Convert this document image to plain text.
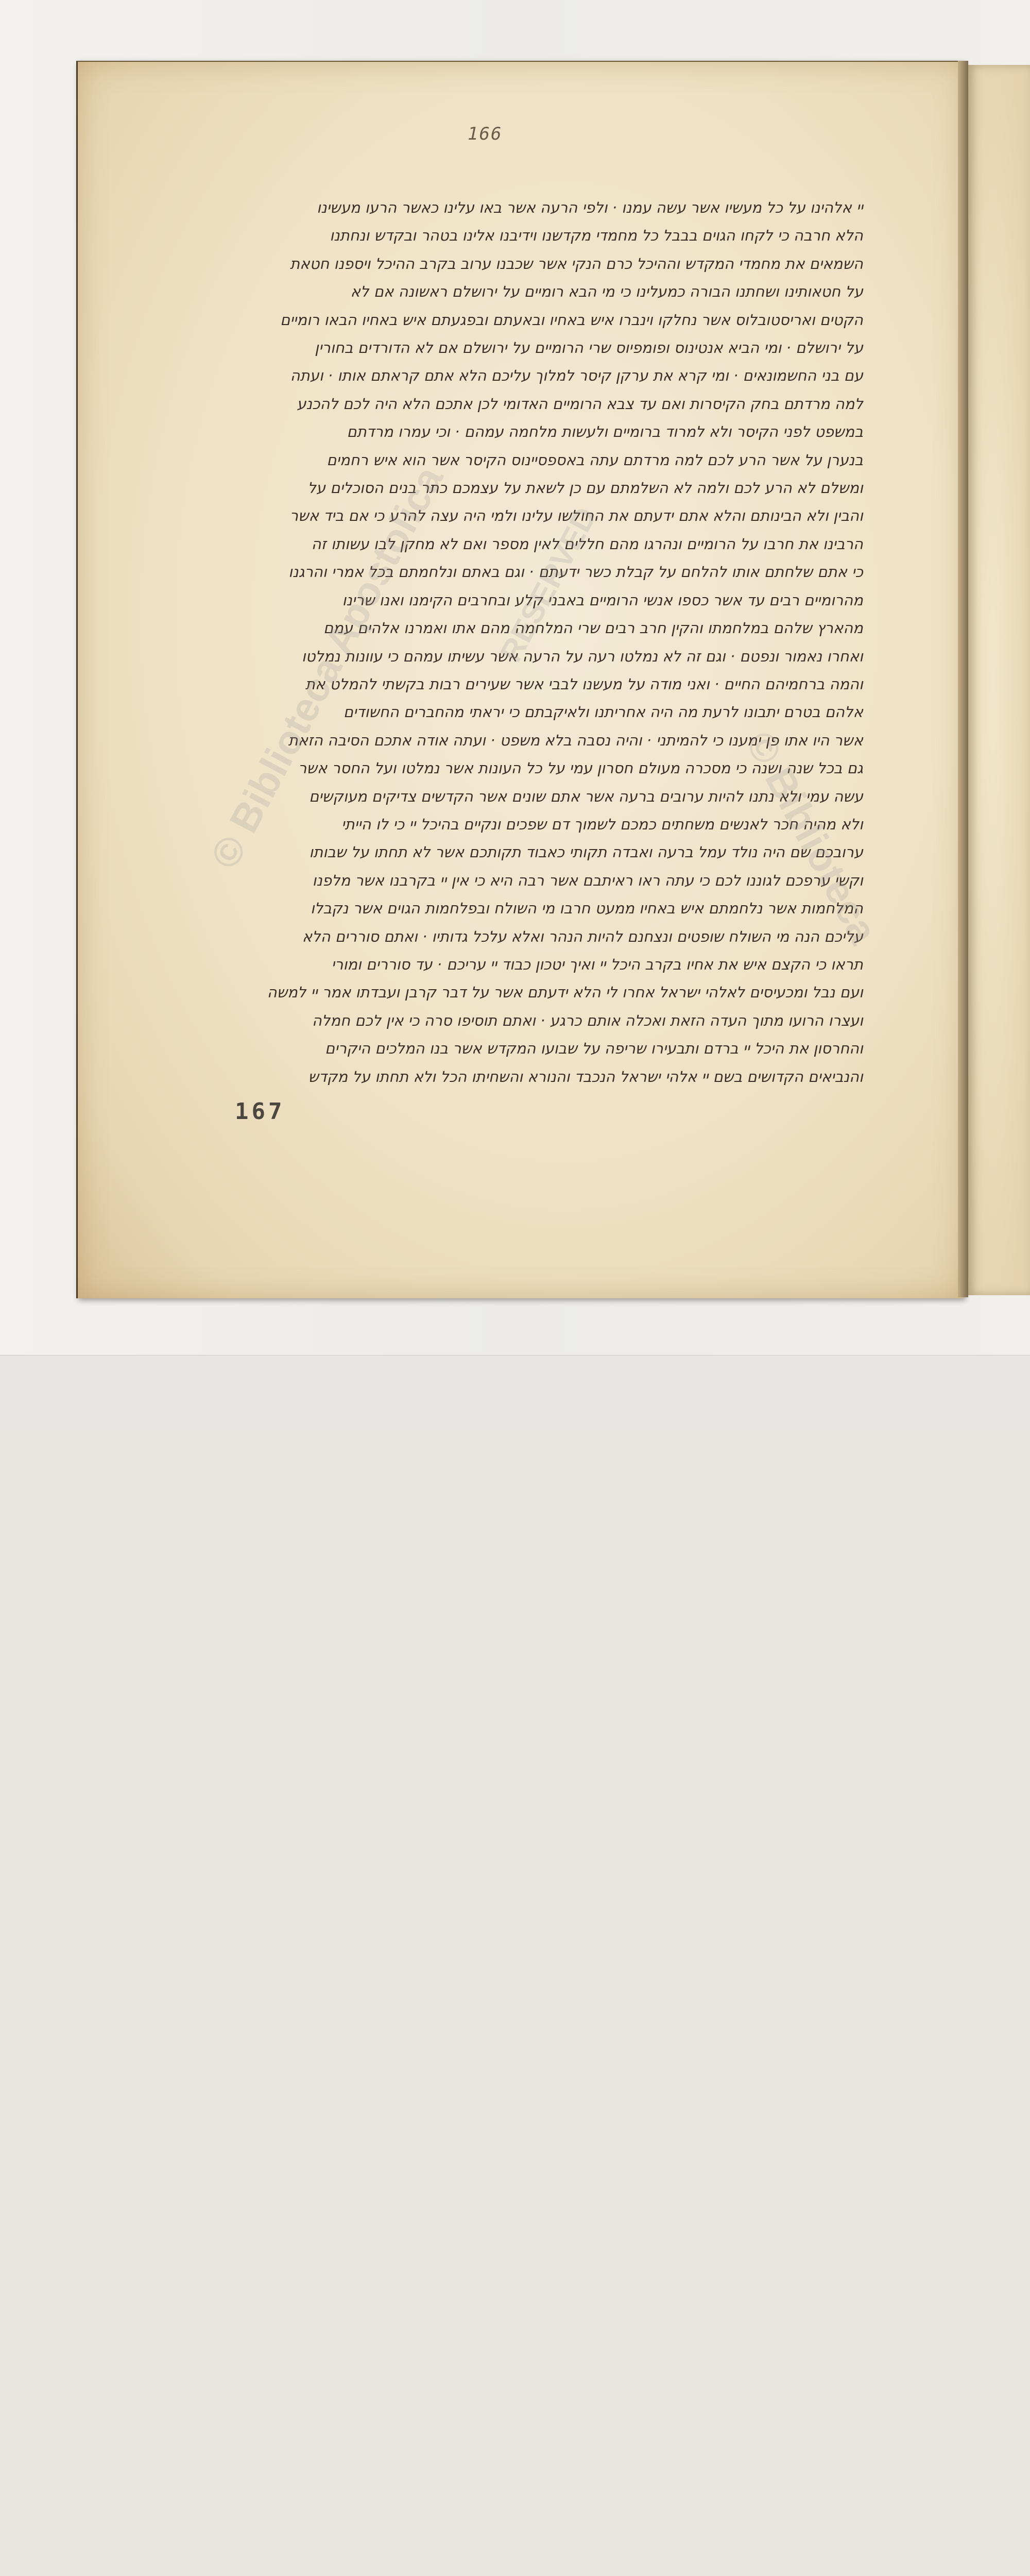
166
יי אלהינו על כל מעשיו אשר עשה עמנו · ולפי הרעה אשר באו עלינו כאשר הרעו מעשינו
הלא חרבה כי לקחו הגוים בבבל כל מחמדי מקדשנו וידיבנו אלינו בטהר ובקדש ונחתנו
השמאים את מחמדי המקדש וההיכל כרם הנקי אשר שכבנו ערוב בקרב ההיכל ויספנו חטאת
על חטאותינו ושחתנו הבורה כמעלינו כי מי הבא רומיים על ירושלם ראשונה אם לא
הקטים ואריסטובלוס אשר נחלקו וינברו איש באחיו ובאעתם ובפגעתם איש באחיו הבאו רומיים
על ירושלם · ומי הביא אנטינוס ופומפיוס שרי הרומיים על ירושלם אם לא הדורדים בחורין
עם בני החשמונאים · ומי קרא את ערקן קיסר למלוך עליכם הלא אתם קראתם אותו · ועתה
למה מרדתם בחק הקיסרות ואם עד צבא הרומיים האדומי לכן אתכם הלא היה לכם להכנע
במשפט לפני הקיסר ולא למרוד ברומיים ולעשות מלחמה עמהם · וכי עמרו מרדתם
בנערן על אשר הרע לכם למה מרדתם עתה באספסיינוס הקיסר אשר הוא איש רחמים
ומשלם לא הרע לכם ולמה לא השלמתם עם כן לשאת על עצמכם כתר בנים הסוכלים על
והבין ולא הבינותם והלא אתם ידעתם את החולשו עלינו ולמי היה עצה להרע כי אם ביד אשר
הרבינו את חרבו על הרומיים ונהרגו מהם חללים לאין מספר ואם לא מחקן לבו עשותו זה
כי אתם שלחתם אותו להלחם על קבלת כשר ידעתם · וגם באתם ונלחמתם בכל אמרי והרגנו
מהרומיים רבים עד אשר כספו אנשי הרומיים באבני קלע ובחרבים הקימנו ואנו שרינו
מהארץ שלהם במלחמתו והקין חרב רבים שרי המלחמה מהם אתו ואמרנו אלהים עמם
ואחרו נאמור ונפטם · וגם זה לא נמלטו רעה על הרעה אשר עשיתו עמהם כי עוונות נמלטו
והמה ברחמיהם החיים · ואני מודה על מעשנו לבבי אשר שעירים רבות בקשתי להמלט את
אלהם בטרם יתבונו לרעת מה היה אחריתנו ולאיקבתם כי יראתי מהחברים החשודים
אשר היו אתו פן ימענו כי להמיתני · והיה נסבה בלא משפט · ועתה אודה אתכם הסיבה הזאת
גם בכל שנה ושנה כי מסכרה מעולם חסרון עמי על כל העונות אשר נמלטו ועל החסר אשר
עשה עמי ולא נתנו להיות ערובים ברעה אשר אתם שונים אשר הקדשים צדיקים מעוקשים
ולא מהיה חכר לאנשים משחתים כמכם לשמוך דם שפכים ונקיים בהיכל יי כי לו הייתי
ערובכם שם היה נולד עמל ברעה ואבדה תקותי כאבוד תקותכם אשר לא תחתו על שבותו
וקשי ערפכם לגוננו לכם כי עתה ראו ראיתבם אשר רבה היא כי אין יי בקרבנו אשר מלפנו
המלחמות אשר נלחמתם איש באחיו ממעט חרבו מי השולח ובפלחמות הגוים אשר נקבלו
עליכם הנה מי השולח שופטים ונצחנם להיות הנהר ואלא עלכל גדותיו · ואתם סוררים הלא
תראו כי הקצם איש את אחיו בקרב היכל יי ואיך יטכון כבוד יי עריכם · עד סוררים ומורי
ועם נבל ומכעיסים לאלהי ישראל אחרו לי הלא ידעתם אשר על דבר קרבן ועבדתו אמר יי למשה
ועצרו הרועו מתוך העדה הזאת ואכלה אותם כרגע · ואתם תוסיפו סרה כי אין לכם חמלה
והחרסון את היכל יי ברדם ותבעירו שריפה על שבועו המקדש אשר בנו המלכים היקרים
והנביאים הקדושים בשם יי אלהי ישראל הנכבד והנורא והשחיתו הכל ולא תחתו על מקדש
167
© Biblioteca Apostolica	© Biblioteca
RESERVED
